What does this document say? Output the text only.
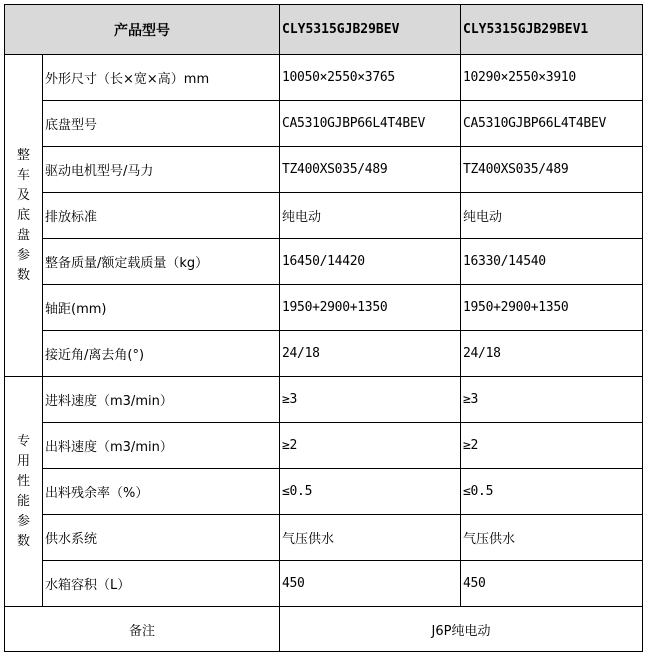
产品型号		CLY5315GJB29BEV	CLY5315GJB29BEV1
整车及底盘参数	外形尺寸（长×宽×高）mm	10050×2550×3765	10290×2550×3910
	底盘型号	CA5310GJBP66L4T4BEV	CA5310GJBP66L4T4BEV
	驱动电机型号/马力	TZ400XS035/489	TZ400XS035/489
	排放标准	纯电动	纯电动
	整备质量/额定载质量（kg）	16450/14420	16330/14540
	轴距(mm)	1950+2900+1350	1950+2900+1350
	接近角/离去角(°)	24/18	24/18
专用性能参数	进料速度（m3/min）	≥3	≥3
	出料速度（m3/min）	≥2	≥2
	出料残余率（%）	≤0.5	≤0.5
	供水系统	气压供水	气压供水
	水箱容积（L）	450	450
备注		J6P纯电动	
